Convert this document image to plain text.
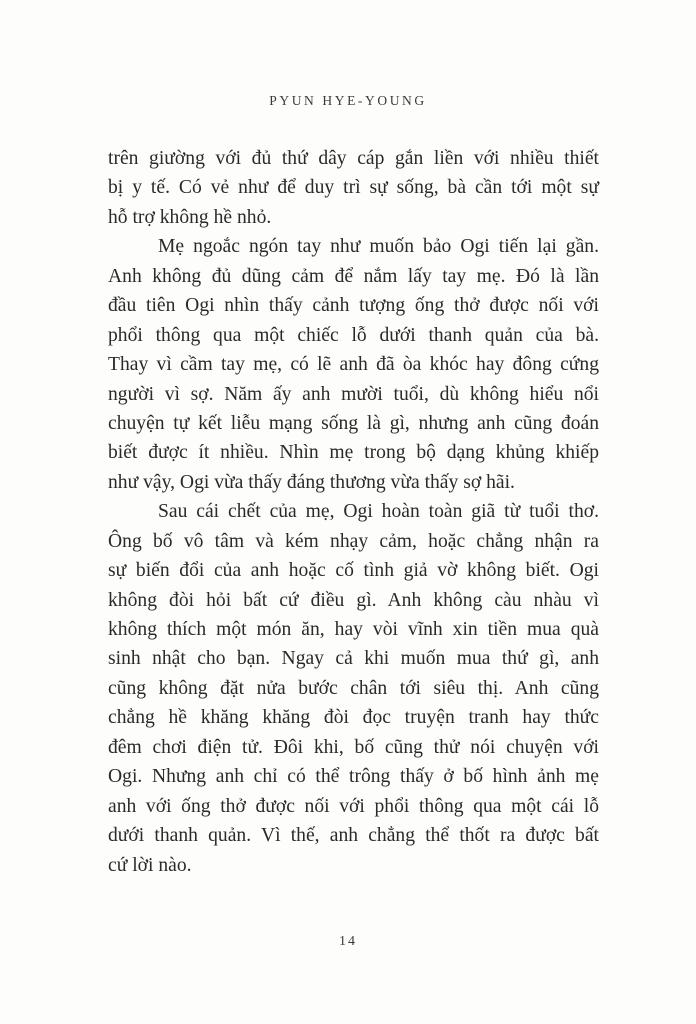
PYUN HYE-YOUNG
trên giường với đủ thứ dây cáp gắn liền với nhiều thiết
bị y tế. Có vẻ như để duy trì sự sống, bà cần tới một sự
hỗ trợ không hề nhỏ.
Mẹ ngoắc ngón tay như muốn bảo Ogi tiến lại gần.
Anh không đủ dũng cảm để nắm lấy tay mẹ. Đó là lần
đầu tiên Ogi nhìn thấy cảnh tượng ống thở được nối với
phổi thông qua một chiếc lỗ dưới thanh quản của bà.
Thay vì cầm tay mẹ, có lẽ anh đã òa khóc hay đông cứng
người vì sợ. Năm ấy anh mười tuổi, dù không hiểu nổi
chuyện tự kết liễu mạng sống là gì, nhưng anh cũng đoán
biết được ít nhiều. Nhìn mẹ trong bộ dạng khủng khiếp
như vậy, Ogi vừa thấy đáng thương vừa thấy sợ hãi.
Sau cái chết của mẹ, Ogi hoàn toàn giã từ tuổi thơ.
Ông bố vô tâm và kém nhạy cảm, hoặc chẳng nhận ra
sự biến đổi của anh hoặc cố tình giả vờ không biết. Ogi
không đòi hỏi bất cứ điều gì. Anh không càu nhàu vì
không thích một món ăn, hay vòi vĩnh xin tiền mua quà
sinh nhật cho bạn. Ngay cả khi muốn mua thứ gì, anh
cũng không đặt nửa bước chân tới siêu thị. Anh cũng
chẳng hề khăng khăng đòi đọc truyện tranh hay thức
đêm chơi điện tử. Đôi khi, bố cũng thử nói chuyện với
Ogi. Nhưng anh chỉ có thể trông thấy ở bố hình ảnh mẹ
anh với ống thở được nối với phổi thông qua một cái lỗ
dưới thanh quản. Vì thế, anh chẳng thể thốt ra được bất
cứ lời nào.
14
